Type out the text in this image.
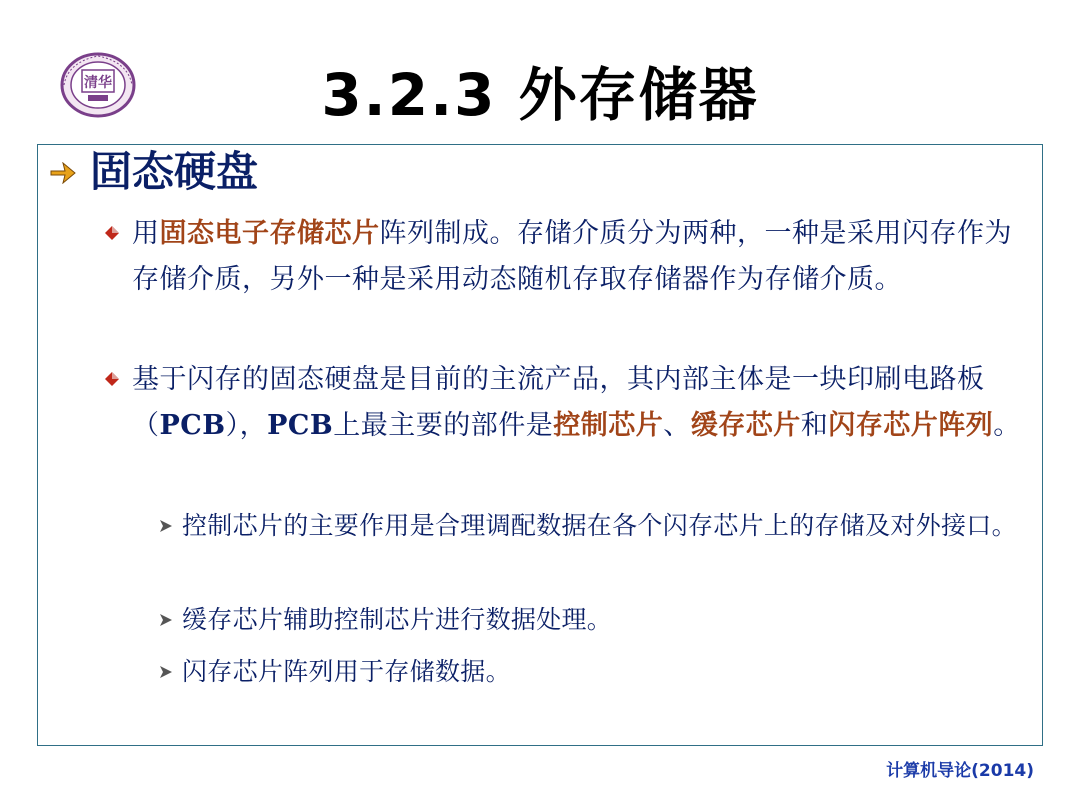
清华	3.2.3 外存储器
固态硬盘
用固态电子存储芯片阵列制成。存储介质分为两种，一种是采用闪存作为存储介质，另外一种是采用动态随机存取存储器作为存储介质。
基于闪存的固态硬盘是目前的主流产品，其内部主体是一块印刷电路板（PCB），PCB上最主要的部件是控制芯片、缓存芯片和闪存芯片阵列。
控制芯片的主要作用是合理调配数据在各个闪存芯片上的存储及对外接口。
缓存芯片辅助控制芯片进行数据处理。
闪存芯片阵列用于存储数据。
计算机导论(2014)
